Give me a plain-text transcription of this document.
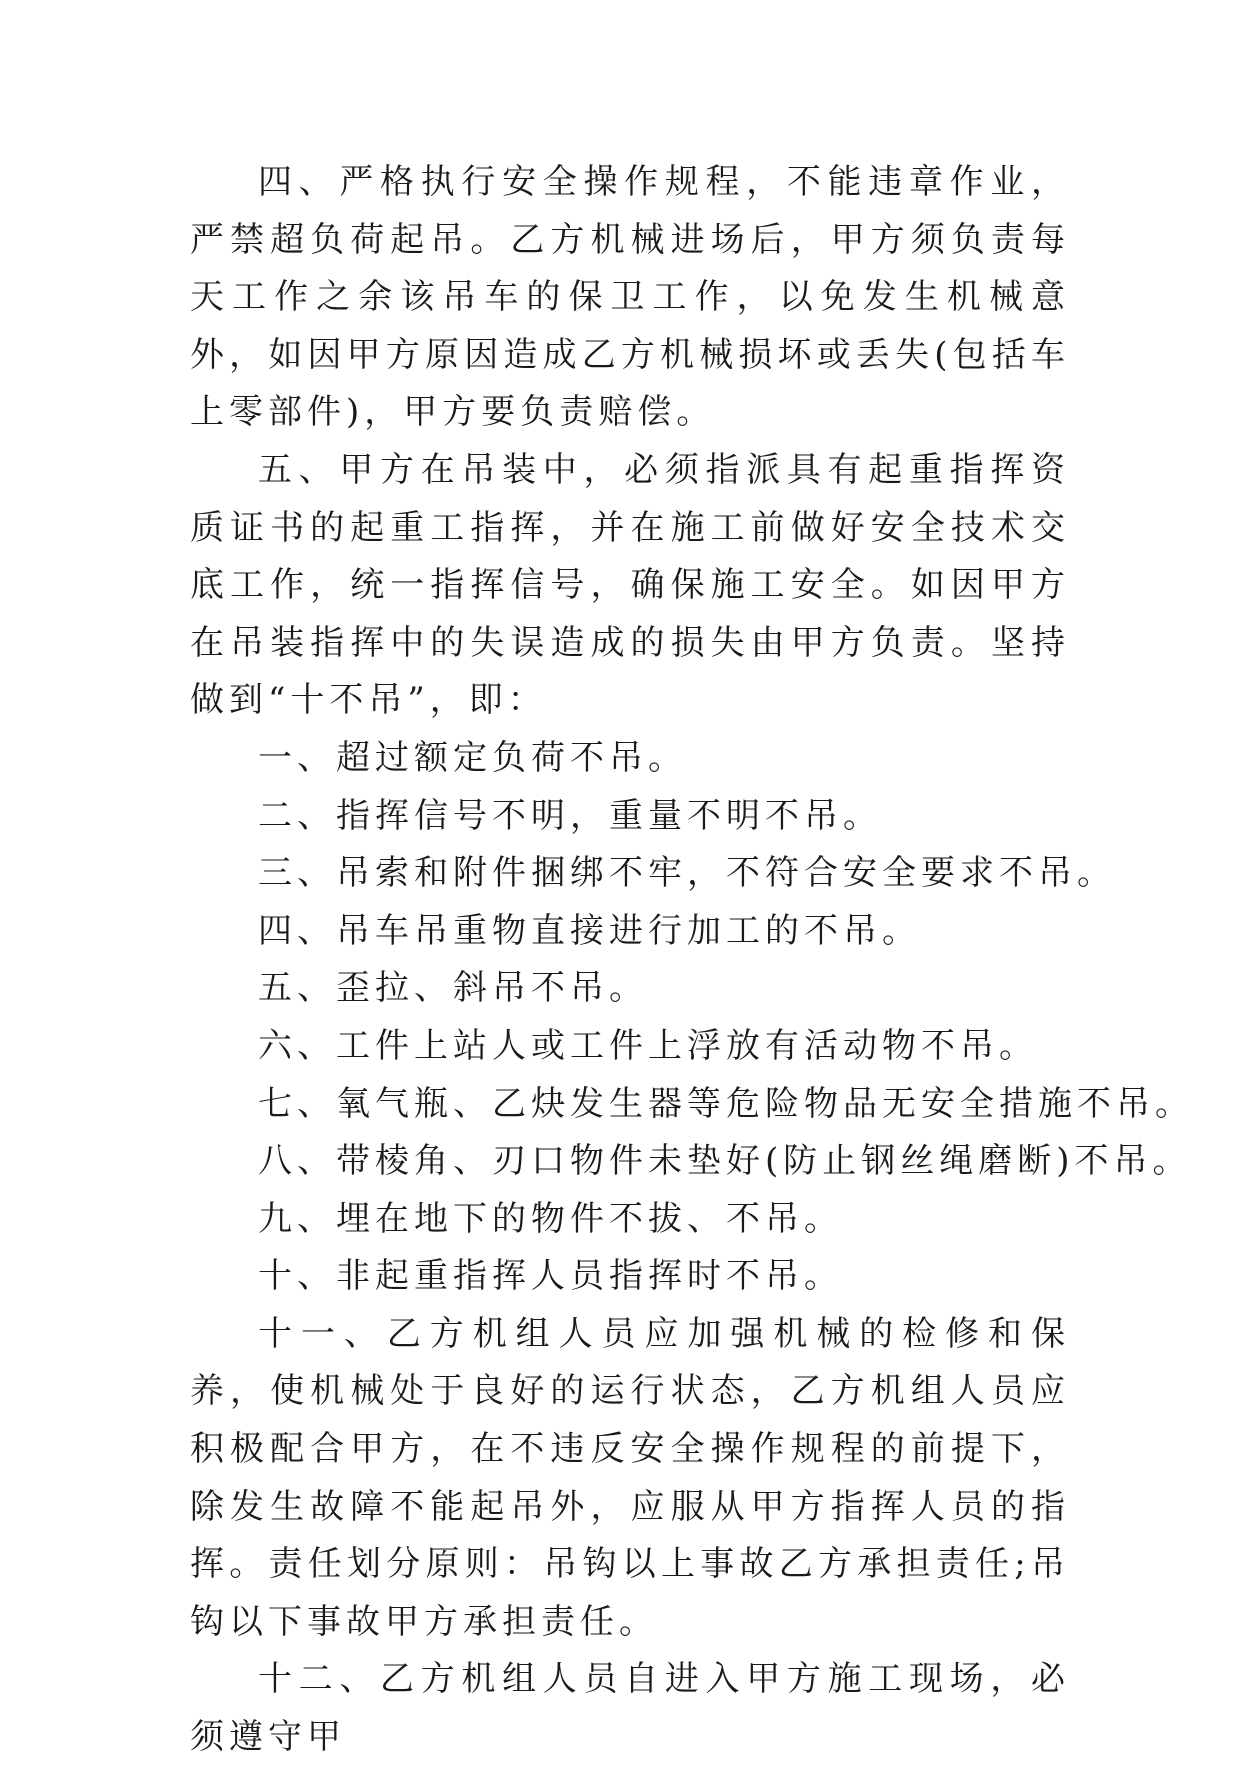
四、严格执行安全操作规程，不能违章作业，严禁超负荷起吊。乙方机械进场后，甲方须负责每天工作之余该吊车的保卫工作，以免发生机械意外，如因甲方原因造成乙方机械损坏或丢失(包括车上零部件)，甲方要负责赔偿。

五、甲方在吊装中，必须指派具有起重指挥资质证书的起重工指挥，并在施工前做好安全技术交底工作，统一指挥信号，确保施工安全。如因甲方在吊装指挥中的失误造成的损失由甲方负责。坚持做到“十不吊”，即：

一、超过额定负荷不吊。

二、指挥信号不明，重量不明不吊。

三、吊索和附件捆绑不牢，不符合安全要求不吊。

四、吊车吊重物直接进行加工的不吊。

五、歪拉、斜吊不吊。

六、工件上站人或工件上浮放有活动物不吊。

七、氧气瓶、乙炔发生器等危险物品无安全措施不吊。

八、带棱角、刃口物件未垫好(防止钢丝绳磨断)不吊。

九、埋在地下的物件不拔、不吊。

十、非起重指挥人员指挥时不吊。

十一、乙方机组人员应加强机械的检修和保养，使机械处于良好的运行状态，乙方机组人员应积极配合甲方，在不违反安全操作规程的前提下，除发生故障不能起吊外，应服从甲方指挥人员的指挥。责任划分原则：吊钩以上事故乙方承担责任;吊钩以下事故甲方承担责任。

十二、乙方机组人员自进入甲方施工现场，必须遵守甲
